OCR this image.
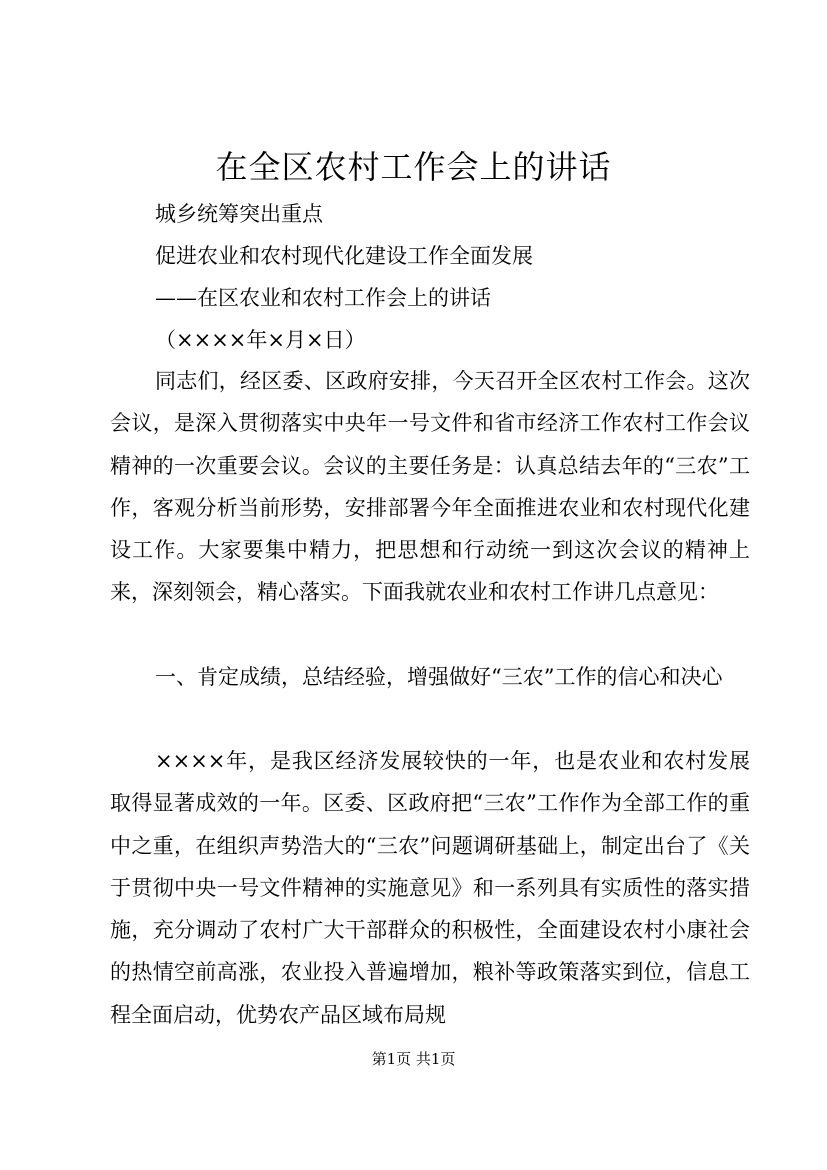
在全区农村工作会上的讲话

城乡统筹突出重点

促进农业和农村现代化建设工作全面发展

——在区农业和农村工作会上的讲话

（××××年×月×日）

同志们，经区委、区政府安排，今天召开全区农村工作会。这次会议，是深入贯彻落实中央年一号文件和省市经济工作农村工作会议精神的一次重要会议。会议的主要任务是：认真总结去年的“三农”工作，客观分析当前形势，安排部署今年全面推进农业和农村现代化建设工作。大家要集中精力，把思想和行动统一到这次会议的精神上来，深刻领会，精心落实。下面我就农业和农村工作讲几点意见：

一、肯定成绩，总结经验，增强做好“三农”工作的信心和决心

××××年，是我区经济发展较快的一年，也是农业和农村发展取得显著成效的一年。区委、区政府把“三农”工作作为全部工作的重中之重，在组织声势浩大的“三农”问题调研基础上，制定出台了《关于贯彻中央一号文件精神的实施意见》和一系列具有实质性的落实措施，充分调动了农村广大干部群众的积极性，全面建设农村小康社会的热情空前高涨，农业投入普遍增加，粮补等政策落实到位，信息工程全面启动，优势农产品区域布局规

第1页 共1页
